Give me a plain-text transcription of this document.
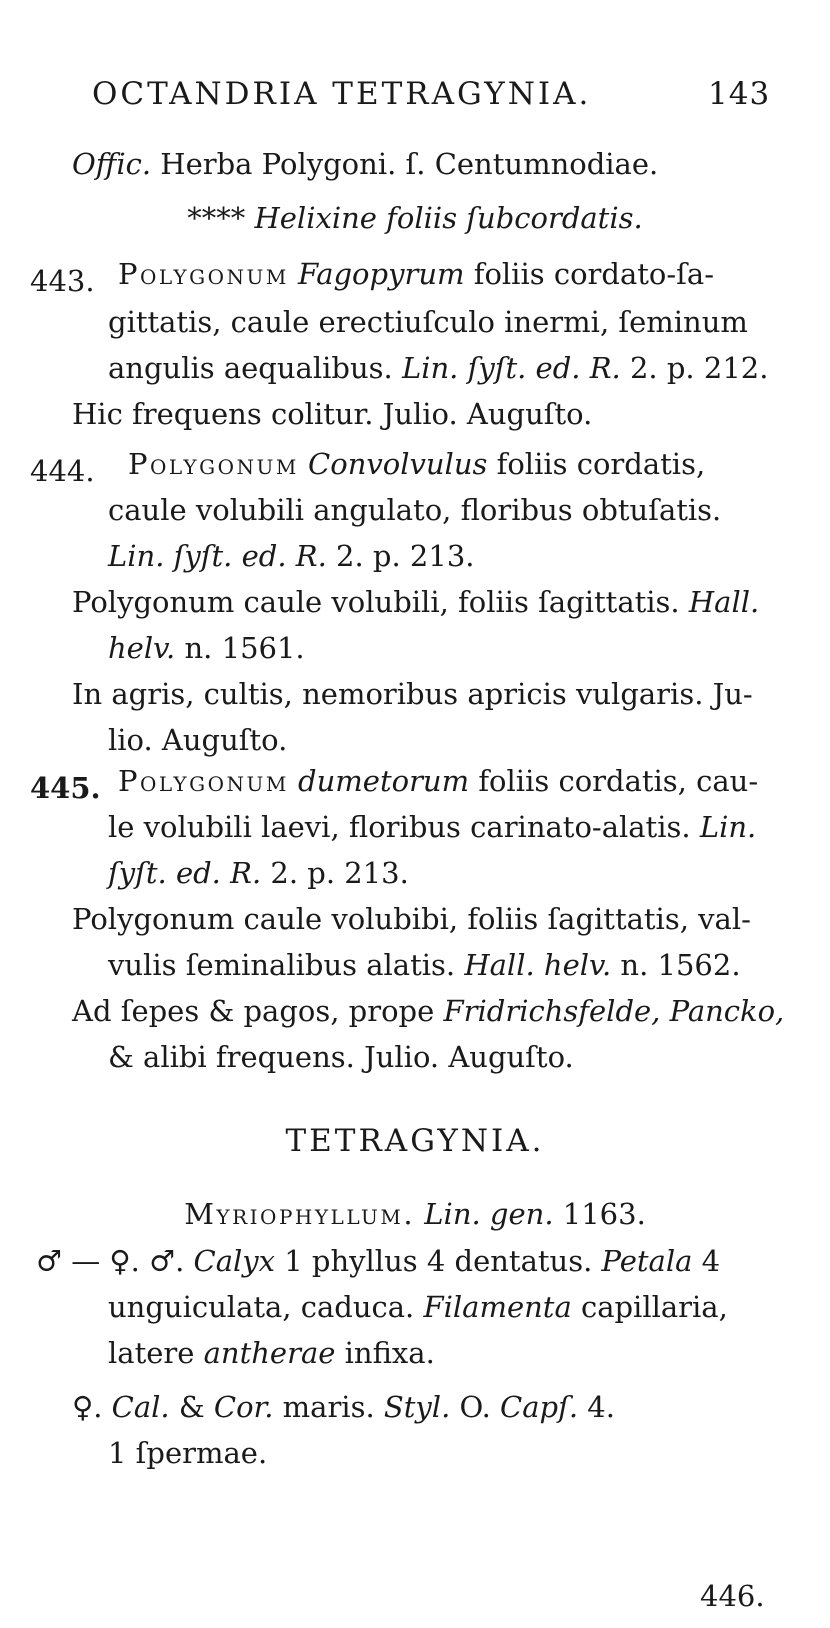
OCTANDRIA TETRAGYNIA.	143
Offic. Herba Polygoni. ſ. Centumnodiae.
**** Helixine foliis ſubcordatis.
443. Polygonum Fagopyrum foliis cordato-ſa-
gittatis, caule erectiuſculo inermi, ſeminum
angulis aequalibus. Lin. ſyſt. ed. R. 2. p. 212.
Hic frequens colitur. Julio. Auguſto.
444. Polygonum Convolvulus foliis cordatis,
caule volubili angulato, floribus obtuſatis.
Lin. ſyſt. ed. R. 2. p. 213.
Polygonum caule volubili, foliis ſagittatis. Hall.
helv. n. 1561.
In agris, cultis, nemoribus apricis vulgaris. Ju-
lio. Auguſto.
445. Polygonum dumetorum foliis cordatis, cau-
le volubili laevi, floribus carinato-alatis. Lin.
ſyſt. ed. R. 2. p. 213.
Polygonum caule volubibi, foliis ſagittatis, val-
vulis ſeminalibus alatis. Hall. helv. n. 1562.
Ad ſepes & pagos, prope Fridrichsfelde, Pancko,
& alibi frequens. Julio. Auguſto.
TETRAGYNIA.
Myriophyllum. Lin. gen. 1163.
♂ — ♀. ♂. Calyx 1 phyllus 4 dentatus. Petala 4
unguiculata, caduca. Filamenta capillaria,
latere antherae infixa.
♀. Cal. & Cor. maris. Styl. O. Capſ. 4.
1 ſpermae.
446.
